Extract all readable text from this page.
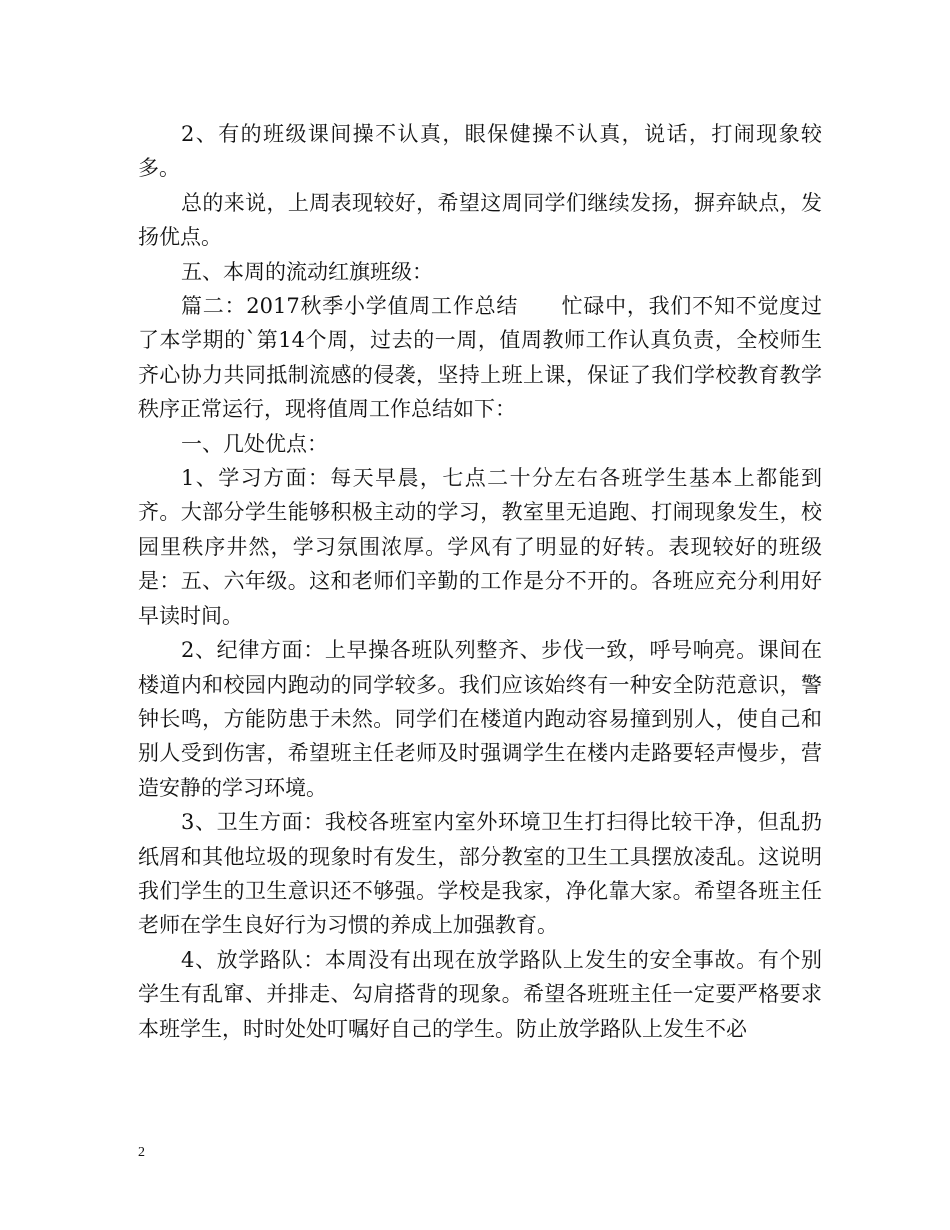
2、有的班级课间操不认真，眼保健操不认真，说话，打闹现象较多。

总的来说，上周表现较好，希望这周同学们继续发扬，摒弃缺点，发扬优点。

五、本周的流动红旗班级：

篇二：2017秋季小学值周工作总结　　忙碌中，我们不知不觉度过了本学期的`第14个周，过去的一周，值周教师工作认真负责，全校师生齐心协力共同抵制流感的侵袭，坚持上班上课，保证了我们学校教育教学秩序正常运行，现将值周工作总结如下：

一、几处优点：

1、学习方面：每天早晨，七点二十分左右各班学生基本上都能到齐。大部分学生能够积极主动的学习，教室里无追跑、打闹现象发生，校园里秩序井然，学习氛围浓厚。学风有了明显的好转。表现较好的班级是：五、六年级。这和老师们辛勤的工作是分不开的。各班应充分利用好早读时间。

2、纪律方面：上早操各班队列整齐、步伐一致，呼号响亮。课间在楼道内和校园内跑动的同学较多。我们应该始终有一种安全防范意识，警钟长鸣，方能防患于未然。同学们在楼道内跑动容易撞到别人，使自己和别人受到伤害，希望班主任老师及时强调学生在楼内走路要轻声慢步，营造安静的学习环境。

3、卫生方面：我校各班室内室外环境卫生打扫得比较干净，但乱扔纸屑和其他垃圾的现象时有发生，部分教室的卫生工具摆放凌乱。这说明我们学生的卫生意识还不够强。学校是我家，净化靠大家。希望各班主任老师在学生良好行为习惯的养成上加强教育。

4、放学路队：本周没有出现在放学路队上发生的安全事故。有个别学生有乱窜、并排走、勾肩搭背的现象。希望各班班主任一定要严格要求本班学生，时时处处叮嘱好自己的学生。防止放学路队上发生不必

2
